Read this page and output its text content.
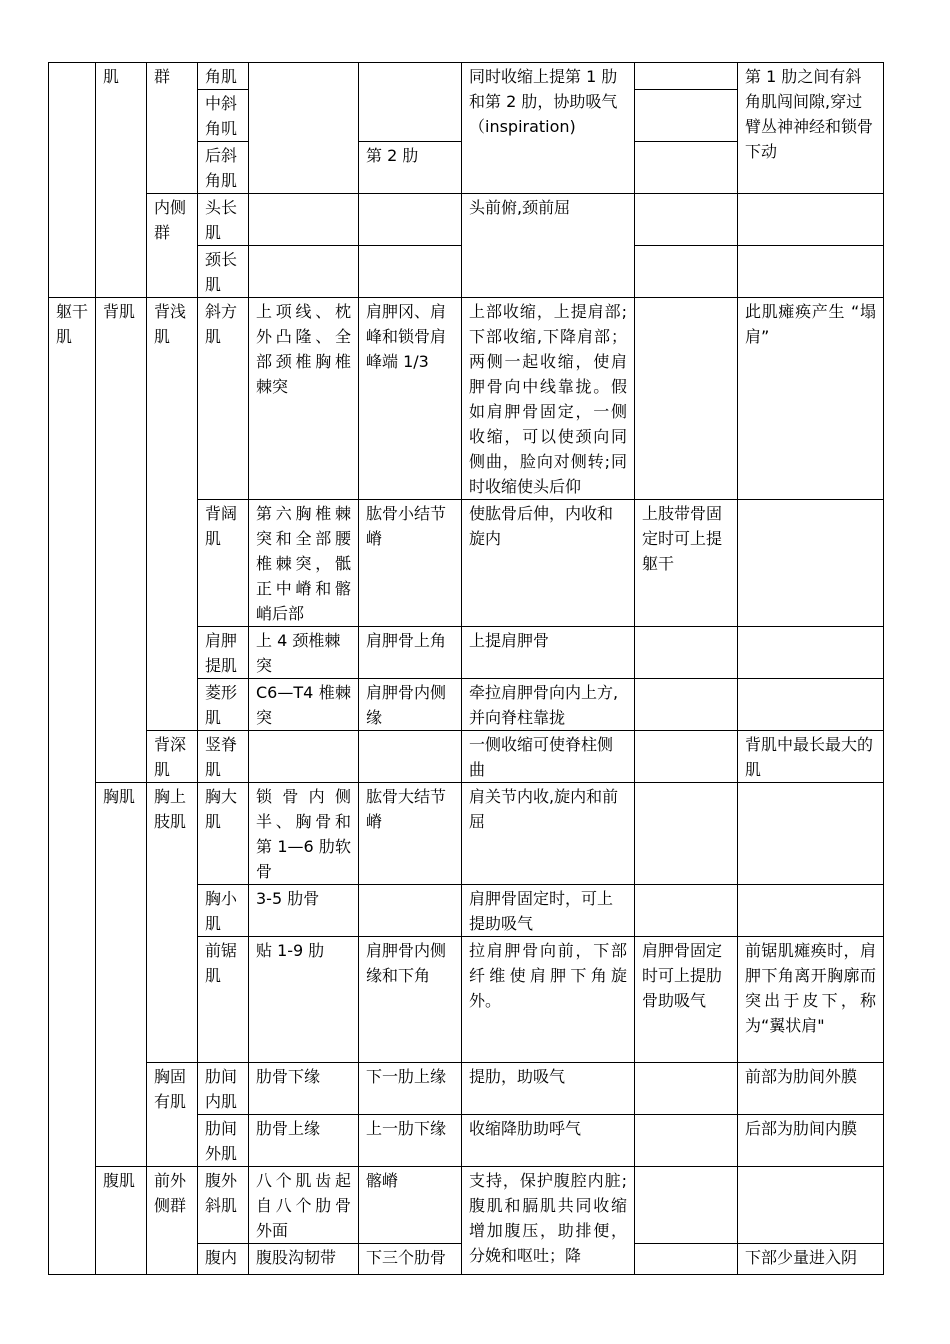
	肌	群	角肌			同时收缩上提第 1 肋和第 2 肋，协助吸气（inspiration)		第 1 肋之间有斜角肌闯间隙,穿过臂丛神神经和锁骨下动
			中斜角叽					
			后斜角肌		第 2 肋			
		内侧群	头长肌			头前俯,颈前屈		
			颈长肌					
躯干肌	背肌	背浅肌	斜方肌	上项线、枕外凸隆、全部颈椎胸椎棘突	肩胛冈、肩峰和锁骨肩峰端 1/3	上部收缩，上提肩部;下部收缩,下降肩部；两侧一起收缩，使肩胛骨向中线靠拢。假如肩胛骨固定，一侧收缩，可以使颈向同侧曲，脸向对侧转;同时收缩使头后仰		此肌瘫痪产生 “塌肩”
			背阔肌	第六胸椎棘突和全部腰椎棘突，骶正中嵴和髂峭后部	肱骨小结节嵴	使肱骨后伸，内收和旋内	上肢带骨固定时可上提躯干	
			肩胛提肌	上 4 颈椎棘突	肩胛骨上角	上提肩胛骨		
			菱形肌	C6—T4 椎棘突	肩胛骨内侧缘	牵拉肩胛骨向内上方,并向脊柱靠拢		
		背深肌	竖脊肌			一侧收缩可使脊柱侧曲		背肌中最长最大的肌
	胸肌	胸上肢肌	胸大肌	锁骨内侧半、胸骨和第 1—6 肋软骨	肱骨大结节嵴	肩关节内收,旋内和前屈		
			胸小肌	3-5 肋骨		肩胛骨固定时，可上提助吸气		
			前锯肌	贴 1-9 肋	肩胛骨内侧缘和下角	拉肩胛骨向前，下部纤维使肩胛下角旋外。	肩胛骨固定时可上提肋骨助吸气	前锯肌瘫痪时，肩胛下角离开胸廓而突出于皮下，称为“翼状肩"
		胸固有肌	肋间内肌	肋骨下缘	下一肋上缘	提肋，助吸气		前部为肋间外膜
			肋间外肌	肋骨上缘	上一肋下缘	收缩降肋助呼气		后部为肋间内膜
	腹肌	前外侧群	腹外斜肌	八个肌齿起自八个肋骨外面	髂嵴	支持，保护腹腔内脏;腹肌和膈肌共同收缩增加腹压，助排便，分娩和呕吐；降		
			腹内	腹股沟韧带	下三个肋骨			下部少量进入阴
